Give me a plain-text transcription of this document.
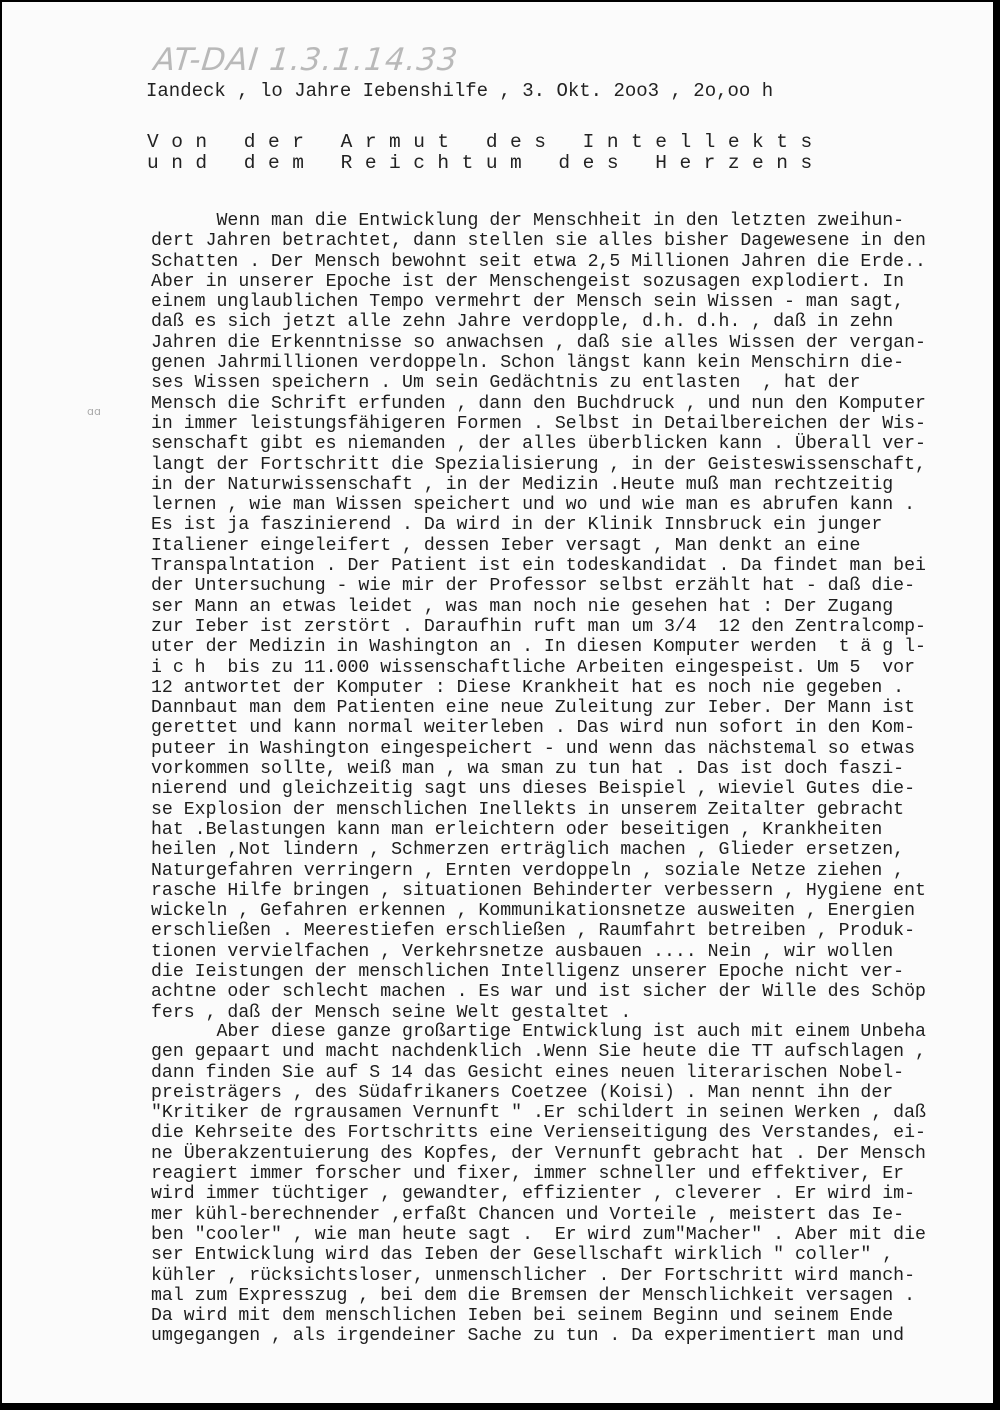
AT-DAI 1.3.1.14.33
Iandeck , lo Jahre Iebenshilfe , 3. Okt. 2oo3 , 2o,oo h
Von der Armut des Intellekts
und dem Reichtum des Herzens
ɑɑ
Wenn man die Entwicklung der Menschheit in den letzten zweihun-
dert Jahren betrachtet, dann stellen sie alles bisher Dagewesene in den
Schatten . Der Mensch bewohnt seit etwa 2,5 Millionen Jahren die Erde..
Aber in unserer Epoche ist der Menschengeist sozusagen explodiert. In
einem unglaublichen Tempo vermehrt der Mensch sein Wissen - man sagt,
daß es sich jetzt alle zehn Jahre verdopple, d.h. d.h. , daß in zehn
Jahren die Erkenntnisse so anwachsen , daß sie alles Wissen der vergan-
genen Jahrmillionen verdoppeln. Schon längst kann kein Menschirn die-
ses Wissen speichern . Um sein Gedächtnis zu entlasten  , hat der
Mensch die Schrift erfunden , dann den Buchdruck , und nun den Komputer
in immer leistungsfähigeren Formen . Selbst in Detailbereichen der Wis-
senschaft gibt es niemanden , der alles überblicken kann . Überall ver-
langt der Fortschritt die Spezialisierung , in der Geisteswissenschaft,
in der Naturwissenschaft , in der Medizin .Heute muß man rechtzeitig
lernen , wie man Wissen speichert und wo und wie man es abrufen kann .
Es ist ja faszinierend . Da wird in der Klinik Innsbruck ein junger
Italiener eingeleifert , dessen Ieber versagt , Man denkt an eine
Transpalntation . Der Patient ist ein todeskandidat . Da findet man bei
der Untersuchung - wie mir der Professor selbst erzählt hat - daß die-
ser Mann an etwas leidet , was man noch nie gesehen hat : Der Zugang
zur Ieber ist zerstört . Daraufhin ruft man um 3/4  12 den Zentralcomp-
uter der Medizin in Washington an . In diesen Komputer werden  t ä g l-
i c h  bis zu 11.000 wissenschaftliche Arbeiten eingespeist. Um 5  vor
12 antwortet der Komputer : Diese Krankheit hat es noch nie gegeben .
Dannbaut man dem Patienten eine neue Zuleitung zur Ieber. Der Mann ist
gerettet und kann normal weiterleben . Das wird nun sofort in den Kom-
puteer in Washington eingespeichert - und wenn das nächstemal so etwas
vorkommen sollte, weiß man , wa sman zu tun hat . Das ist doch faszi-
nierend und gleichzeitig sagt uns dieses Beispiel , wieviel Gutes die-
se Explosion der menschlichen Inellekts in unserem Zeitalter gebracht
hat .Belastungen kann man erleichtern oder beseitigen , Krankheiten
heilen ,Not lindern , Schmerzen erträglich machen , Glieder ersetzen,
Naturgefahren verringern , Ernten verdoppeln , soziale Netze ziehen ,
rasche Hilfe bringen , situationen Behinderter verbessern , Hygiene ent
wickeln , Gefahren erkennen , Kommunikationsnetze ausweiten , Energien
erschließen . Meerestiefen erschließen , Raumfahrt betreiben , Produk-
tionen vervielfachen , Verkehrsnetze ausbauen .... Nein , wir wollen
die Ieistungen der menschlichen Intelligenz unserer Epoche nicht ver-
achtne oder schlecht machen . Es war und ist sicher der Wille des Schöp
fers , daß der Mensch seine Welt gestaltet .
Aber diese ganze großartige Entwicklung ist auch mit einem Unbeha
gen gepaart und macht nachdenklich .Wenn Sie heute die TT aufschlagen ,
dann finden Sie auf S 14 das Gesicht eines neuen literarischen Nobel-
preisträgers , des Südafrikaners Coetzee (Koisi) . Man nennt ihn der
"Kritiker de rgrausamen Vernunft " .Er schildert in seinen Werken , daß
die Kehrseite des Fortschritts eine Verienseitigung des Verstandes, ei-
ne Überakzentuierung des Kopfes, der Vernunft gebracht hat . Der Mensch
reagiert immer forscher und fixer, immer schneller und effektiver, Er
wird immer tüchtiger , gewandter, effizienter , cleverer . Er wird im-
mer kühl-berechnender ,erfaßt Chancen und Vorteile , meistert das Ie-
ben "cooler" , wie man heute sagt .  Er wird zum"Macher" . Aber mit die
ser Entwicklung wird das Ieben der Gesellschaft wirklich " coller" ,
kühler , rücksichtsloser, unmenschlicher . Der Fortschritt wird manch-
mal zum Expresszug , bei dem die Bremsen der Menschlichkeit versagen .
Da wird mit dem menschlichen Ieben bei seinem Beginn und seinem Ende
umgegangen , als irgendeiner Sache zu tun . Da experimentiert man und
